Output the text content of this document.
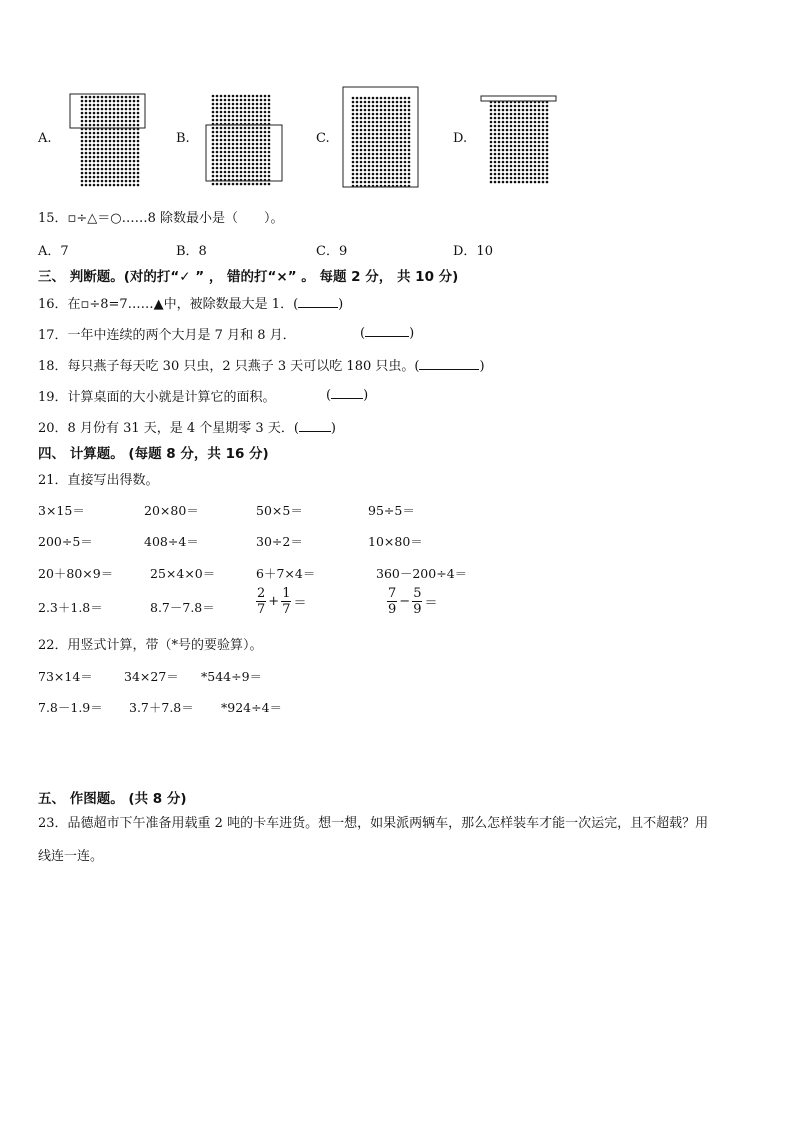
A.	B.	C.	D.
15．▫÷△＝○……8 除数最小是（　　）。
A．7	B．8	C．9	D．10
三、 判断题。(对的打“✓ ” ， 错的打“×” 。 每题 2 分， 共 10 分)
16．在▫÷8=7……▲中，被除数最大是 1．(	)
17．一年中连续的两个大月是 7 月和 8 月．	(	)
18．每只燕子每天吃 30 只虫，2 只燕子 3 天可以吃 180 只虫。(	)
19．计算桌面的大小就是计算它的面积。	( )
20．8 月份有 31 天，是 4 个星期零 3 天．( )
四、 计算题。 (每题 8 分，共 16 分)
21．直接写出得数。
3×15＝	20×80＝	50×5＝	95÷5＝
200÷5＝	408÷4＝	30÷2＝	10×80＝
20＋80×9＝	25×4×0＝	6＋7×4＝	360－200÷4＝
2.3＋1.8＝	8.7－7.8＝	$\frac{2}{7} + \frac{1}{7}$ ＝	$\frac{7}{9} - \frac{5}{9}$ ＝
22．用竖式计算，带（*号的要验算）。
73×14＝ 34×27＝ *544÷9＝
7.8－1.9＝ 3.7＋7.8＝ *924÷4＝
五、 作图题。 (共 8 分)
23．品德超市下午准备用载重 2 吨的卡车进货。想一想，如果派两辆车，那么怎样装车才能一次运完，且不超载？用
线连一连。
